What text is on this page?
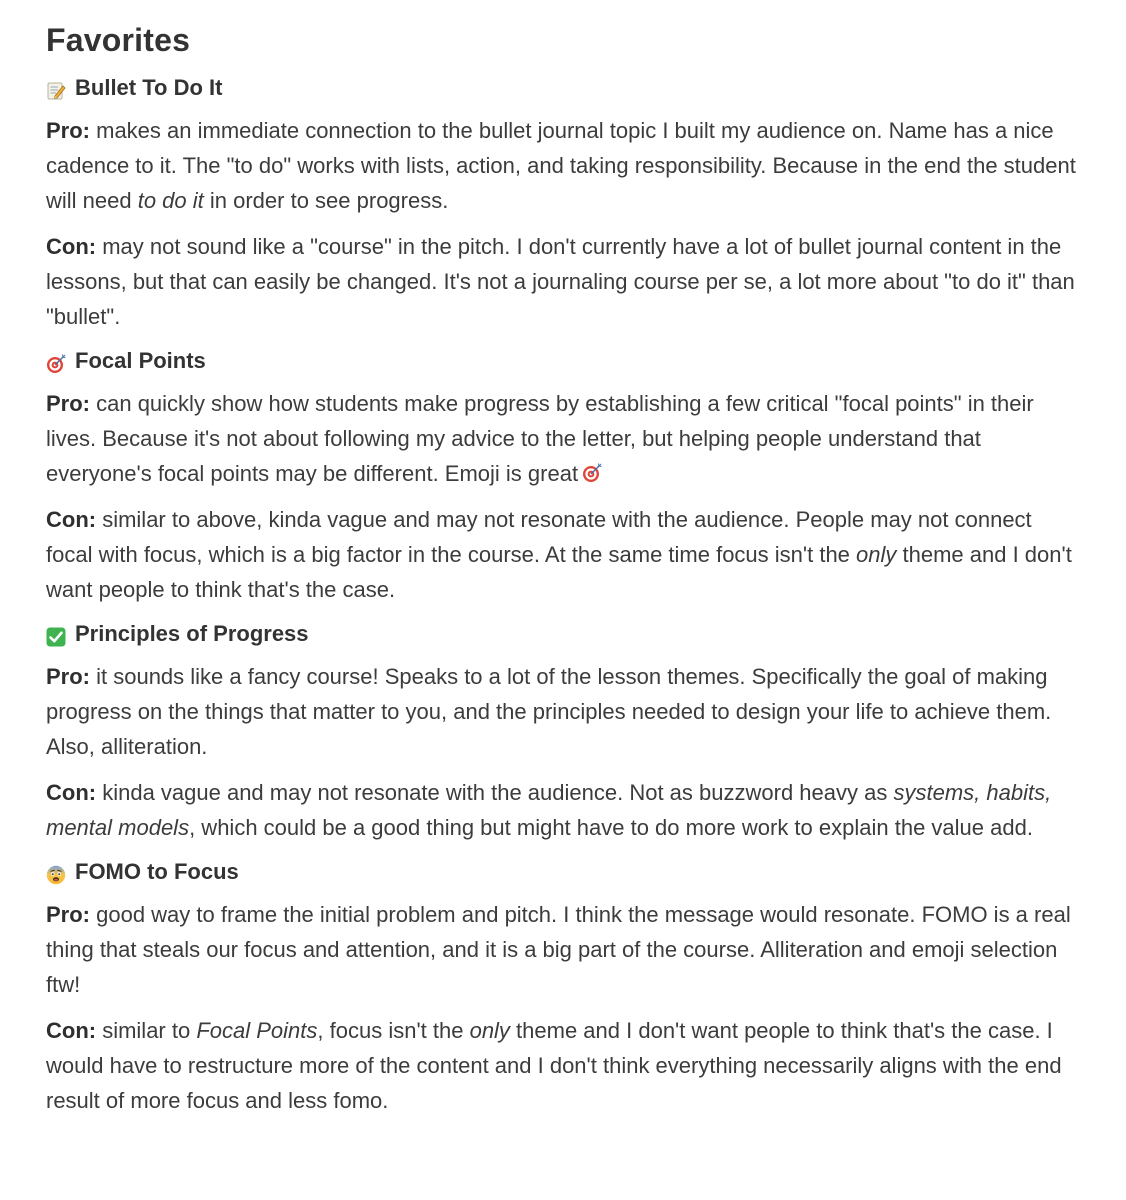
Favorites
Bullet To Do It

Pro: makes an immediate connection to the bullet journal topic I built my audience on. Name has a nice cadence to it. The "to do" works with lists, action, and taking responsibility. Because in the end the student will need to do it in order to see progress.

Con: may not sound like a "course" in the pitch. I don't currently have a lot of bullet journal content in the lessons, but that can easily be changed. It's not a journaling course per se, a lot more about "to do it" than "bullet".

Focal Points

Pro: can quickly show how students make progress by establishing a few critical "focal points" in their lives. Because it's not about following my advice to the letter, but helping people understand that everyone's focal points may be different. Emoji is great

Con: similar to above, kinda vague and may not resonate with the audience. People may not connect focal with focus, which is a big factor in the course. At the same time focus isn't the only theme and I don't want people to think that's the case.

Principles of Progress

Pro: it sounds like a fancy course! Speaks to a lot of the lesson themes. Specifically the goal of making progress on the things that matter to you, and the principles needed to design your life to achieve them. Also, alliteration.

Con: kinda vague and may not resonate with the audience. Not as buzzword heavy as systems, habits, mental models, which could be a good thing but might have to do more work to explain the value add.

FOMO to Focus

Pro: good way to frame the initial problem and pitch. I think the message would resonate. FOMO is a real thing that steals our focus and attention, and it is a big part of the course. Alliteration and emoji selection ftw!

Con: similar to Focal Points, focus isn't the only theme and I don't want people to think that's the case. I would have to restructure more of the content and I don't think everything necessarily aligns with the end result of more focus and less fomo.
